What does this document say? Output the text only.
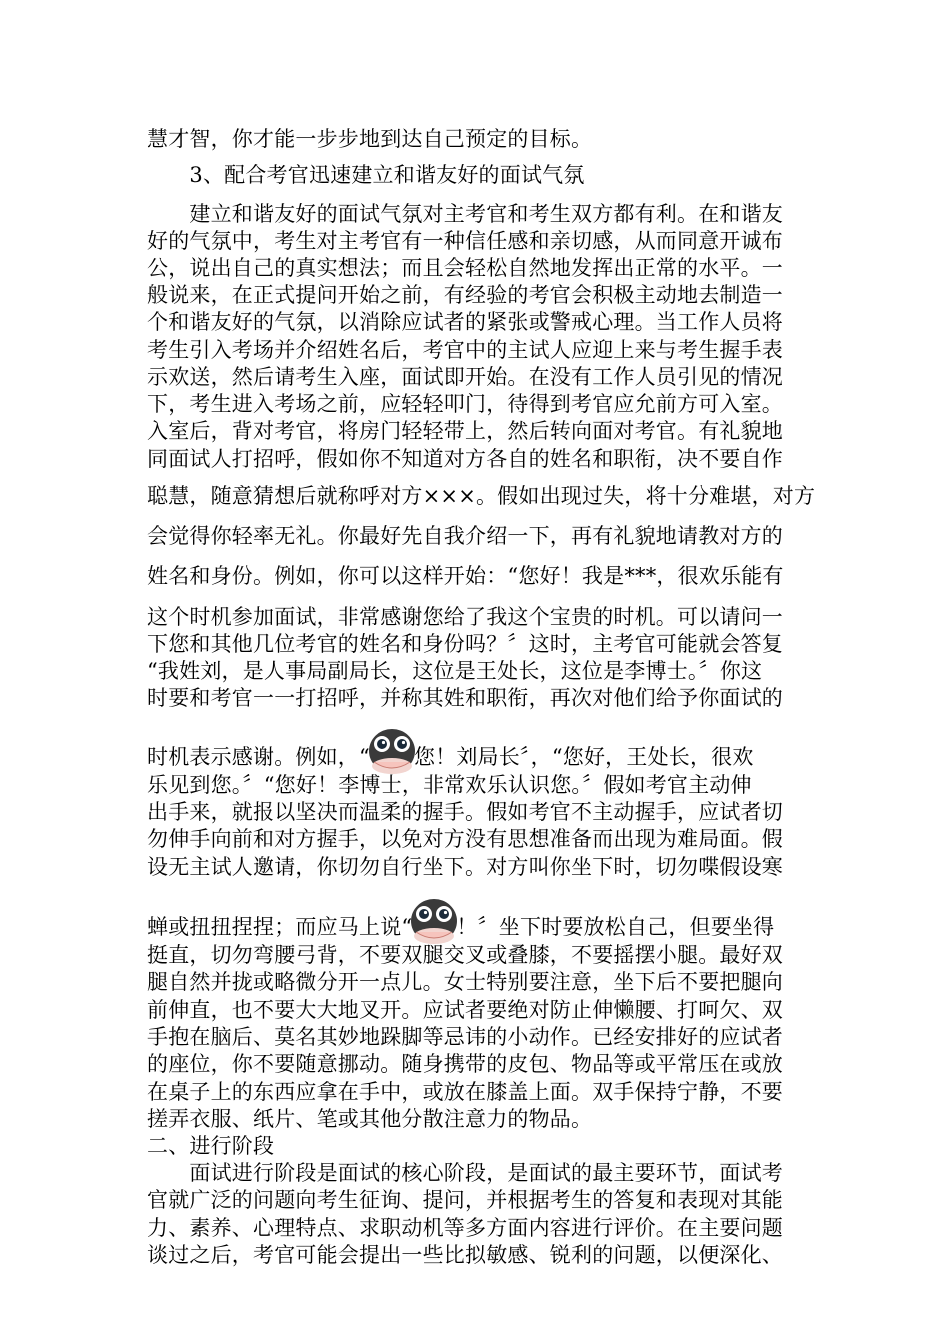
慧才智，你才能一步步地到达自己预定的目标。
　　3、配合考官迅速建立和谐友好的面试气氛
　　建立和谐友好的面试气氛对主考官和考生双方都有利。在和谐友
好的气氛中，考生对主考官有一种信任感和亲切感，从而同意开诚布
公，说出自己的真实想法；而且会轻松自然地发挥出正常的水平。一
般说来，在正式提问开始之前，有经验的考官会积极主动地去制造一
个和谐友好的气氛，以消除应试者的紧张或警戒心理。当工作人员将
考生引入考场并介绍姓名后，考官中的主试人应迎上来与考生握手表
示欢送，然后请考生入座，面试即开始。在没有工作人员引见的情况
下，考生进入考场之前，应轻轻叩门，待得到考官应允前方可入室。
入室后，背对考官，将房门轻轻带上，然后转向面对考官。有礼貌地
同面试人打招呼，假如你不知道对方各自的姓名和职衔，决不要自作
聪慧，随意猜想后就称呼对方×××。假如出现过失，将十分难堪，对方
会觉得你轻率无礼。你最好先自我介绍一下，再有礼貌地请教对方的
姓名和身份。例如，你可以这样开始：“您好！我是***，很欢乐能有
这个时机参加面试，非常感谢您给了我这个宝贵的时机。可以请问一
下您和其他几位考官的姓名和身份吗？〞这时，主考官可能就会答复
“我姓刘，是人事局副局长，这位是王处长，这位是李博士。〞你这
时要和考官一一打招呼，并称其姓和职衔，再次对他们给予你面试的
时机表示感谢。例如，“ 您！刘局长〞，“您好，王处长，很欢
乐见到您。〞“您好！李博士，非常欢乐认识您。〞假如考官主动伸
出手来，就报以坚决而温柔的握手。假如考官不主动握手，应试者切
勿伸手向前和对方握手，以免对方没有思想准备而出现为难局面。假
设无主试人邀请，你切勿自行坐下。对方叫你坐下时，切勿喋假设寒
蝉或扭扭捏捏；而应马上说“ ！〞坐下时要放松自己，但要坐得
挺直，切勿弯腰弓背，不要双腿交叉或叠膝，不要摇摆小腿。最好双
腿自然并拢或略微分开一点儿。女士特别要注意，坐下后不要把腿向
前伸直，也不要大大地叉开。应试者要绝对防止伸懒腰、打呵欠、双
手抱在脑后、莫名其妙地跺脚等忌讳的小动作。已经安排好的应试者
的座位，你不要随意挪动。随身携带的皮包、物品等或平常压在或放
在桌子上的东西应拿在手中，或放在膝盖上面。双手保持宁静，不要
搓弄衣服、纸片、笔或其他分散注意力的物品。
二、进行阶段
　　面试进行阶段是面试的核心阶段，是面试的最主要环节，面试考
官就广泛的问题向考生征询、提问，并根据考生的答复和表现对其能
力、素养、心理特点、求职动机等多方面内容进行评价。在主要问题
谈过之后，考官可能会提出一些比拟敏感、锐利的问题，以便深化、
